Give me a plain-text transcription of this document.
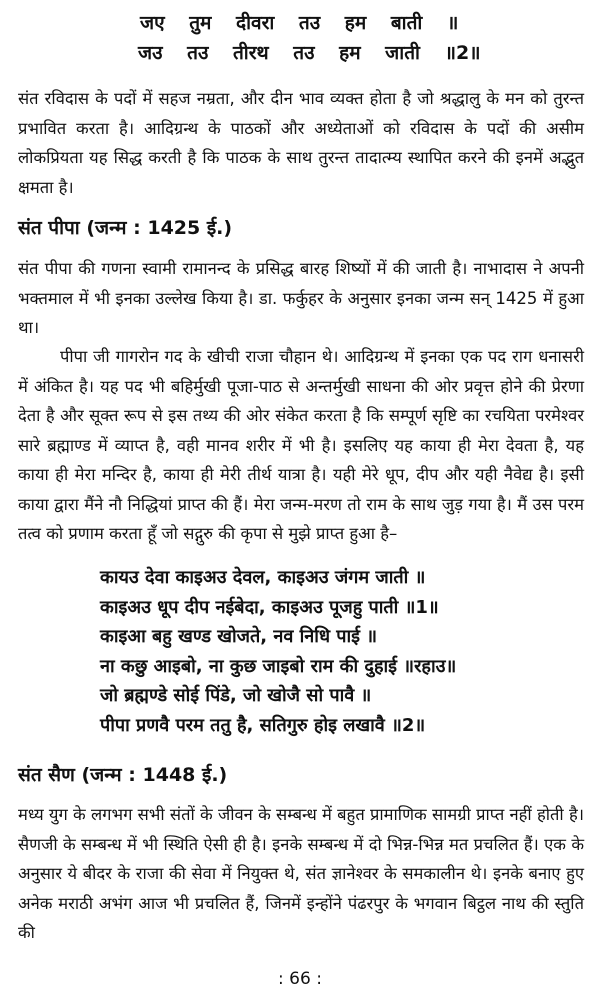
जए तुम दीवरा तउ हम बाती ॥
जउ तउ तीरथ तउ हम जाती ॥2॥
संत रविदास के पदों में सहज नम्रता, और दीन भाव व्यक्त होता है जो श्रद्धालु के मन को तुरन्त प्रभावित करता है। आदिग्रन्थ के पाठकों और अध्येताओं को रविदास के पदों की असीम लोकप्रियता यह सिद्ध करती है कि पाठक के साथ तुरन्त तादात्म्य स्थापित करने की इनमें अद्भुत क्षमता है।
संत पीपा (जन्म : 1425 ई.)
संत पीपा की गणना स्वामी रामानन्द के प्रसिद्ध बारह शिष्यों में की जाती है। नाभादास ने अपनी भक्तमाल में भी इनका उल्लेख किया है। डा. फर्कुहर के अनुसार इनका जन्म सन् 1425 में हुआ था।
पीपा जी गागरोन गद के खीची राजा चौहान थे। आदिग्रन्थ में इनका एक पद राग धनासरी में अंकित है। यह पद भी बहिर्मुखी पूजा-पाठ से अन्तर्मुखी साधना की ओर प्रवृत्त होने की प्रेरणा देता है और सूक्त रूप से इस तथ्य की ओर संकेत करता है कि सम्पूर्ण सृष्टि का रचयिता परमेश्वर सारे ब्रह्माण्ड में व्याप्त है, वही मानव शरीर में भी है। इसलिए यह काया ही मेरा देवता है, यह काया ही मेरा मन्दिर है, काया ही मेरी तीर्थ यात्रा है। यही मेरे धूप, दीप और यही नैवेद्य है। इसी काया द्वारा मैंने नौ निद्धियां प्राप्त की हैं। मेरा जन्म-मरण तो राम के साथ जुड़ गया है। मैं उस परम तत्व को प्रणाम करता हूँ जो सद्गुरु की कृपा से मुझे प्राप्त हुआ है–
कायउ देवा काइअउ देवल, काइअउ जंगम जाती ॥
काइअउ धूप दीप नईबेदा, काइअउ पूजहु पाती ॥1॥
काइआ बहु खण्ड खोजते, नव निधि पाई ॥
ना कछु आइबो, ना कुछ जाइबो राम की दुहाई ॥रहाउ॥
जो ब्रह्मण्डे सोई पिंडे, जो खोजै सो पावै ॥
पीपा प्रणवै परम ततु है, सतिगुरु होइ लखावै ॥2॥
संत सैण (जन्म : 1448 ई.)
मध्य युग के लगभग सभी संतों के जीवन के सम्बन्ध में बहुत प्रामाणिक सामग्री प्राप्त नहीं होती है। सैणजी के सम्बन्ध में भी स्थिति ऐसी ही है। इनके सम्बन्ध में दो भिन्न-भिन्न मत प्रचलित हैं। एक के अनुसार ये बीदर के राजा की सेवा में नियुक्त थे, संत ज्ञानेश्वर के समकालीन थे। इनके बनाए हुए अनेक मराठी अभंग आज भी प्रचलित हैं, जिनमें इन्होंने पंढरपुर के भगवान बिट्ठल नाथ की स्तुति की
: 66 :
